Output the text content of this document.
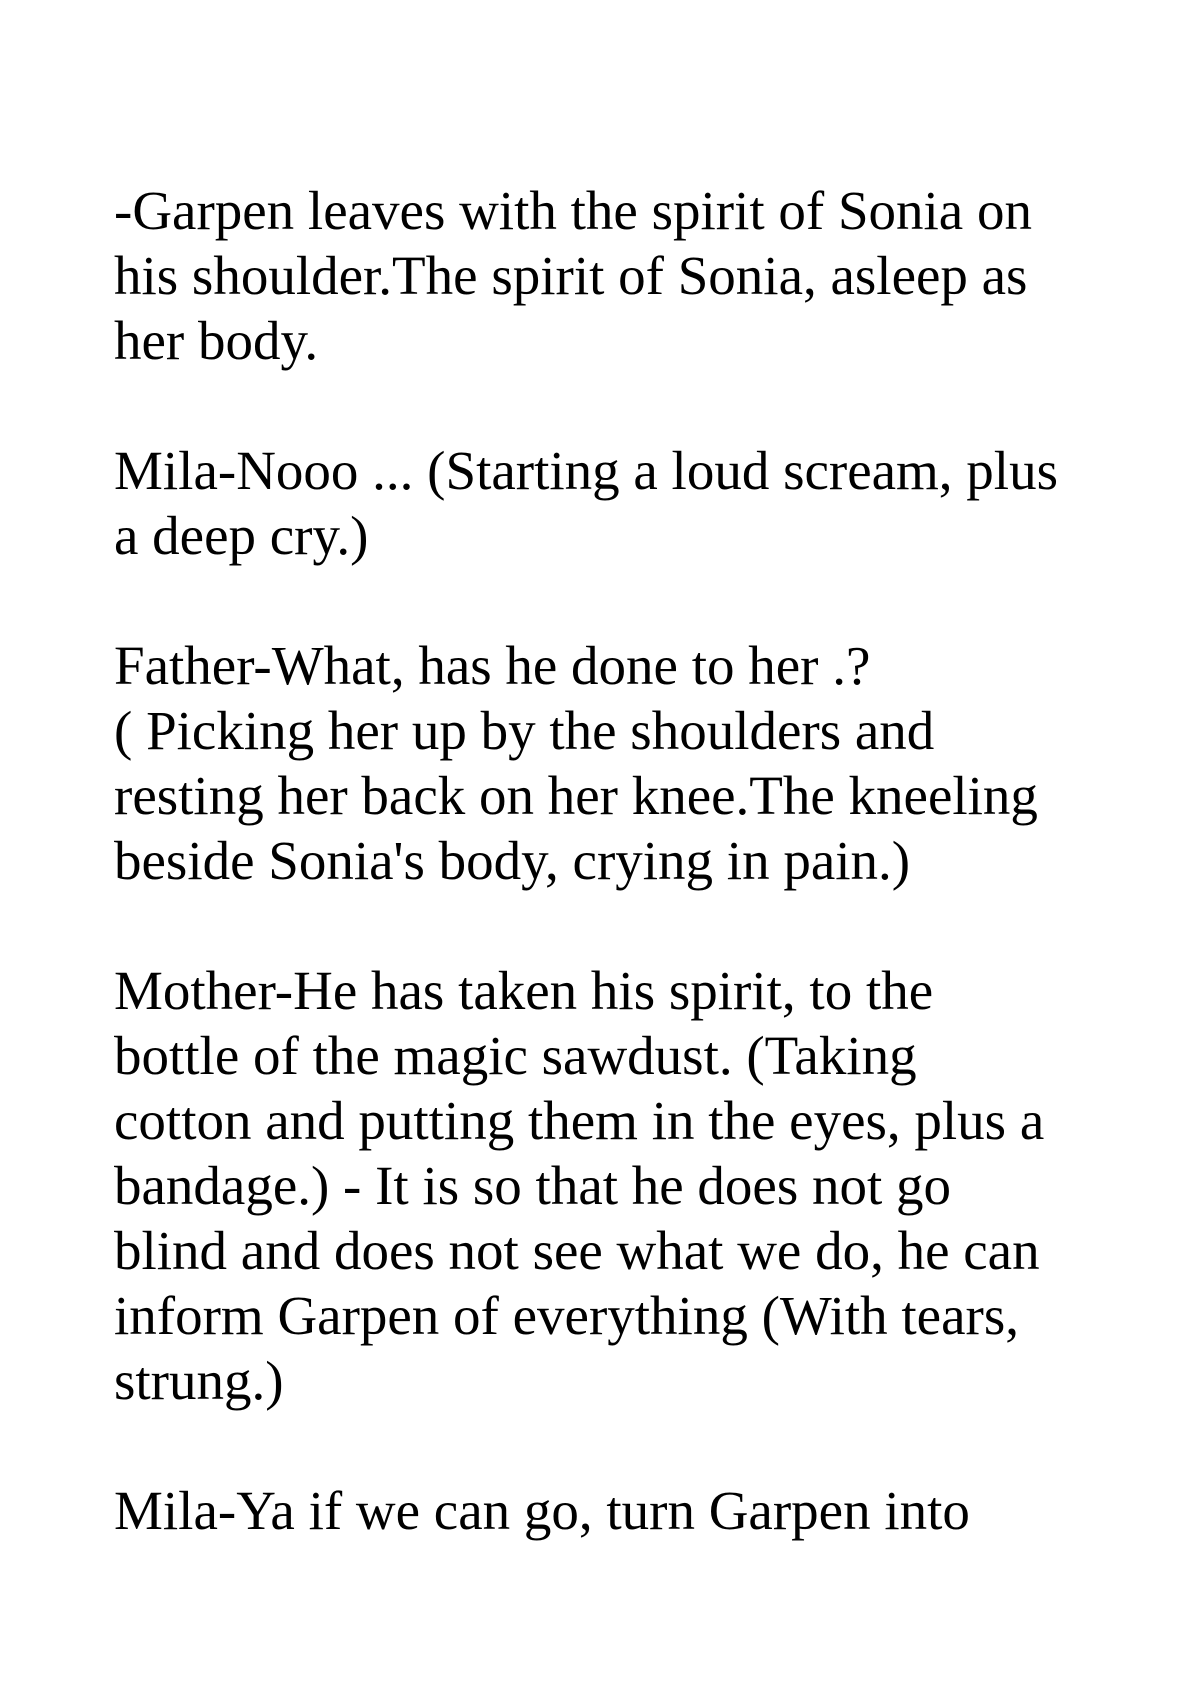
-Garpen leaves with the spirit of Sonia on
his shoulder.The spirit of Sonia, asleep as
her body.

Mila-Nooo ... (Starting a loud scream, plus
a deep cry.)

Father-What, has he done to her .?
( Picking her up by the shoulders and
resting her back on her knee.The kneeling
beside Sonia's body, crying in pain.)

Mother-He has taken his spirit, to the
bottle of the magic sawdust. (Taking
cotton and putting them in the eyes, plus a
bandage.) - It is so that he does not go
blind and does not see what we do, he can
inform Garpen of everything (With tears,
strung.)

Mila-Ya if we can go, turn Garpen into
